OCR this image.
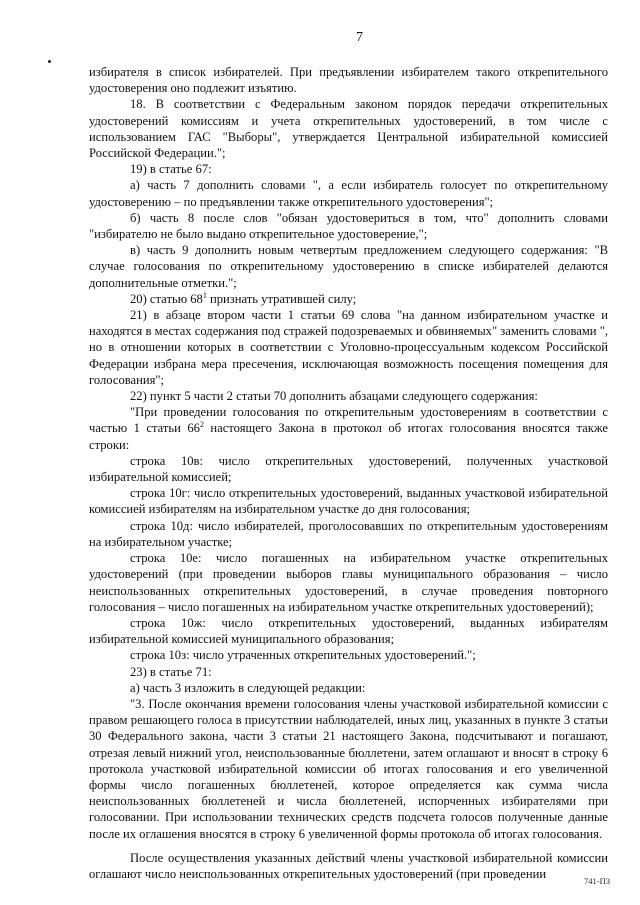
7

избирателя в список избирателей. При предъявлении избирателем такого открепительного удостоверения оно подлежит изъятию.

18. В соответствии с Федеральным законом порядок передачи открепительных удостоверений комиссиям и учета открепительных удостоверений, в том числе с использованием ГАС "Выборы", утверждается Центральной избирательной комиссией Российской Федерации.";

19) в статье 67:

а) часть 7 дополнить словами ", а если избиратель голосует по открепительному удостоверению – по предъявлении также открепительного удостоверения";

б) часть 8 после слов "обязан удостовериться в том, что" дополнить словами "избирателю не было выдано открепительное удостоверение,";

в) часть 9 дополнить новым четвертым предложением следующего содержания: "В случае голосования по открепительному удостоверению в списке избирателей делаются дополнительные отметки.";

20) статью $68^1$ признать утратившей силу;

21) в абзаце втором части 1 статьи 69 слова "на данном избирательном участке и находятся в местах содержания под стражей подозреваемых и обвиняемых" заменить словами ", но в отношении которых в соответствии с Уголовно-процессуальным кодексом Российской Федерации избрана мера пресечения, исключающая возможность посещения помещения для голосования";

22) пункт 5 части 2 статьи 70 дополнить абзацами следующего содержания:

"При проведении голосования по открепительным удостоверениям в соответствии с частью 1 статьи $66^2$ настоящего Закона в протокол об итогах голосования вносятся также строки:

строка 10в: число открепительных удостоверений, полученных участковой избирательной комиссией;

строка 10г: число открепительных удостоверений, выданных участковой избирательной комиссией избирателям на избирательном участке до дня голосования;

строка 10д: число избирателей, проголосовавших по открепительным удостоверениям на избирательном участке;

строка 10е: число погашенных на избирательном участке открепительных удостоверений (при проведении выборов главы муниципального образования – число неиспользованных открепительных удостоверений, в случае проведения повторного голосования – число погашенных на избирательном участке открепительных удостоверений);

строка 10ж: число открепительных удостоверений, выданных избирателям избирательной комиссией муниципального образования;

строка 10з: число утраченных открепительных удостоверений.";

23) в статье 71:

а) часть 3 изложить в следующей редакции:

"3. После окончания времени голосования члены участковой избирательной комиссии с правом решающего голоса в присутствии наблюдателей, иных лиц, указанных в пункте 3 статьи 30 Федерального закона, части 3 статьи 21 настоящего Закона, подсчитывают и погашают, отрезая левый нижний угол, неиспользованные бюллетени, затем оглашают и вносят в строку 6 протокола участковой избирательной комиссии об итогах голосования и его увеличенной формы число погашенных бюллетеней, которое определяется как сумма числа неиспользованных бюллетеней и числа бюллетеней, испорченных избирателями при голосовании. При использовании технических средств подсчета голосов полученные данные после их оглашения вносятся в строку 6 увеличенной формы протокола об итогах голосования.

После осуществления указанных действий члены участковой избирательной комиссии оглашают число неиспользованных открепительных удостоверений (при проведении

741-П3
